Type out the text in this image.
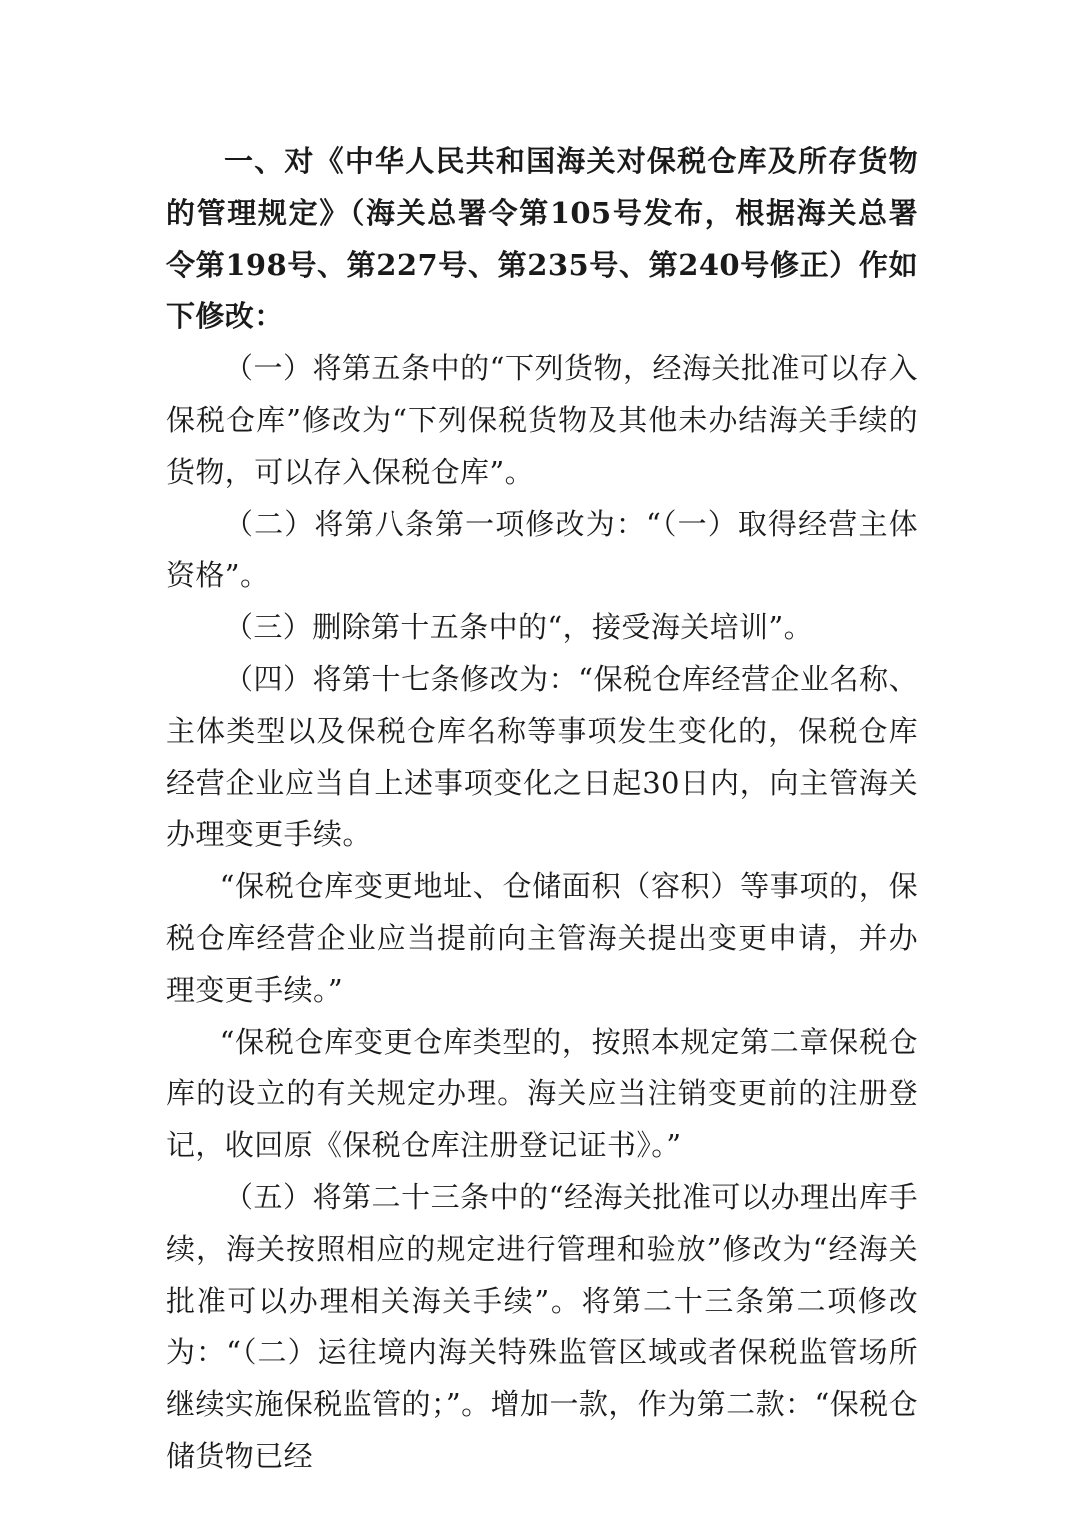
一、对《中华人民共和国海关对保税仓库及所存货物的管理规定》（海关总署令第105号发布，根据海关总署令第198号、第227号、第235号、第240号修正）作如下修改：

（一）将第五条中的“下列货物，经海关批准可以存入保税仓库”修改为“下列保税货物及其他未办结海关手续的货物，可以存入保税仓库”。

（二）将第八条第一项修改为：“（一）取得经营主体资格”。

（三）删除第十五条中的“，接受海关培训”。

（四）将第十七条修改为：“保税仓库经营企业名称、主体类型以及保税仓库名称等事项发生变化的，保税仓库经营企业应当自上述事项变化之日起30日内，向主管海关办理变更手续。

“保税仓库变更地址、仓储面积（容积）等事项的，保税仓库经营企业应当提前向主管海关提出变更申请，并办理变更手续。”

“保税仓库变更仓库类型的，按照本规定第二章保税仓库的设立的有关规定办理。海关应当注销变更前的注册登记，收回原《保税仓库注册登记证书》。”

（五）将第二十三条中的“经海关批准可以办理出库手续，海关按照相应的规定进行管理和验放”修改为“经海关批准可以办理相关海关手续”。将第二十三条第二项修改为：“（二）运往境内海关特殊监管区域或者保税监管场所继续实施保税监管的；”。增加一款，作为第二款：“保税仓储货物已经
